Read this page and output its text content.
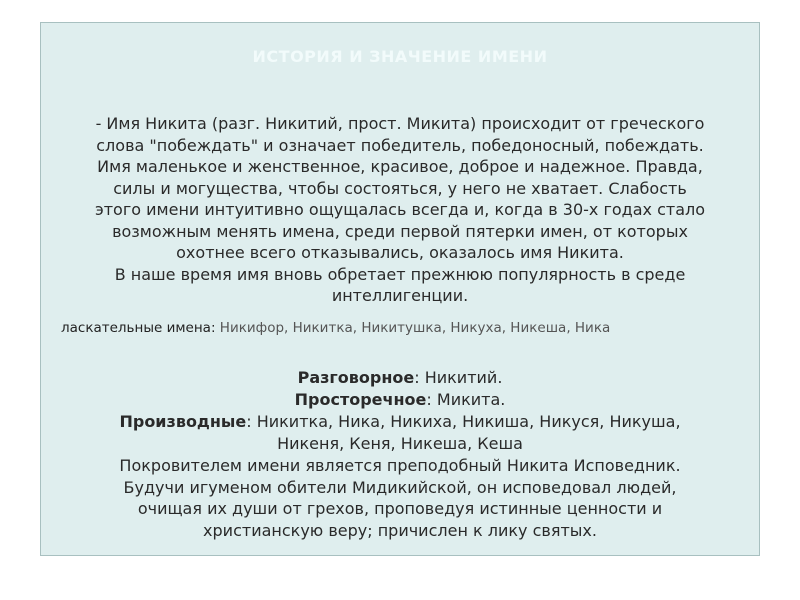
ИСТОРИЯ И ЗНАЧЕНИЕ ИМЕНИ

- Имя Никита (разг. Никитий, прост. Микита) происходит от греческого
слова "побеждать" и означает победитель, победоносный, побеждать.
Имя маленькое и женственное, красивое, доброе и надежное. Правда,
силы и могущества, чтобы состояться, у него не хватает. Слабость
этого имени интуитивно ощущалась всегда и, когда в 30-х годах стало
возможным менять имена, среди первой пятерки имен, от которых
охотнее всего отказывались, оказалось имя Никита.
В наше время имя вновь обретает прежнюю популярность в среде
интеллигенции.

ласкательные имена: Никифор, Никитка, Никитушка, Никуха, Никеша, Ника

Разговорное: Никитий.
Просторечное: Микита.
Производные: Никитка, Ника, Никиха, Никиша, Никуся, Никуша,
Никеня, Кеня, Никеша, Кеша

Покровителем имени является преподобный Никита Исповедник.
Будучи игуменом обители Мидикийской, он исповедовал людей,
очищая их души от грехов, проповедуя истинные ценности и
христианскую веру; причислен к лику святых.
